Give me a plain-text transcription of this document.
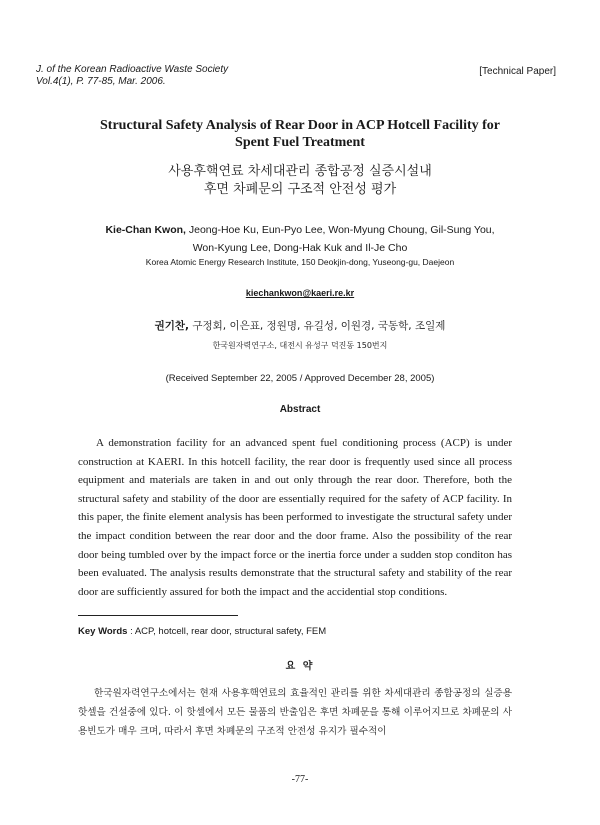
J. of the Korean Radioactive Waste Society
Vol.4(1), P. 77-85, Mar. 2006.
[Technical Paper]
Structural Safety Analysis of Rear Door in ACP Hotcell Facility for
Spent Fuel Treatment
사용후핵연료 차세대관리 종합공정 실증시설내
후면 차폐문의 구조적 안전성 평가
Kie-Chan Kwon, Jeong-Hoe Ku, Eun-Pyo Lee, Won-Myung Choung, Gil-Sung You,
Won-Kyung Lee, Dong-Hak Kuk and Il-Je Cho
Korea Atomic Energy Research Institute, 150 Deokjin-dong, Yuseong-gu, Daejeon
kiechankwon@kaeri.re.kr
권기찬, 구정회, 이은표, 정원명, 유길성, 이원경, 국동학, 조일제
한국원자력연구소, 대전시 유성구 덕진동 150번지
(Received September 22, 2005 / Approved December 28, 2005)
Abstract

A demonstration facility for an advanced spent fuel conditioning process (ACP) is under construction at KAERI. In this hotcell facility, the rear door is frequently used since all process equipment and materials are taken in and out only through the rear door. Therefore, both the structural safety and stability of the door are essentially required for the safety of ACP facility. In this paper, the finite element analysis has been performed to investigate the structural safety under the impact condition between the rear door and the door frame. Also the possibility of the rear door being tumbled over by the impact force or the inertia force under a sudden stop conditon has been evaluated. The analysis results demonstrate that the structural safety and stability of the rear door are sufficiently assured for both the impact and the accidential stop conditions.

Key Words : ACP, hotcell, rear door, structural safety, FEM
요 약

한국원자력연구소에서는 현재 사용후핵연료의 효율적인 관리를 위한 차세대관리 종합공정의 실증용 핫셀을 건설중에 있다. 이 핫셀에서 모든 물품의 반출입은 후면 차폐문을 통해 이루어지므로 차폐문의 사용빈도가 매우 크며, 따라서 후면 차폐문의 구조적 안전성 유지가 필수적이

-77-
